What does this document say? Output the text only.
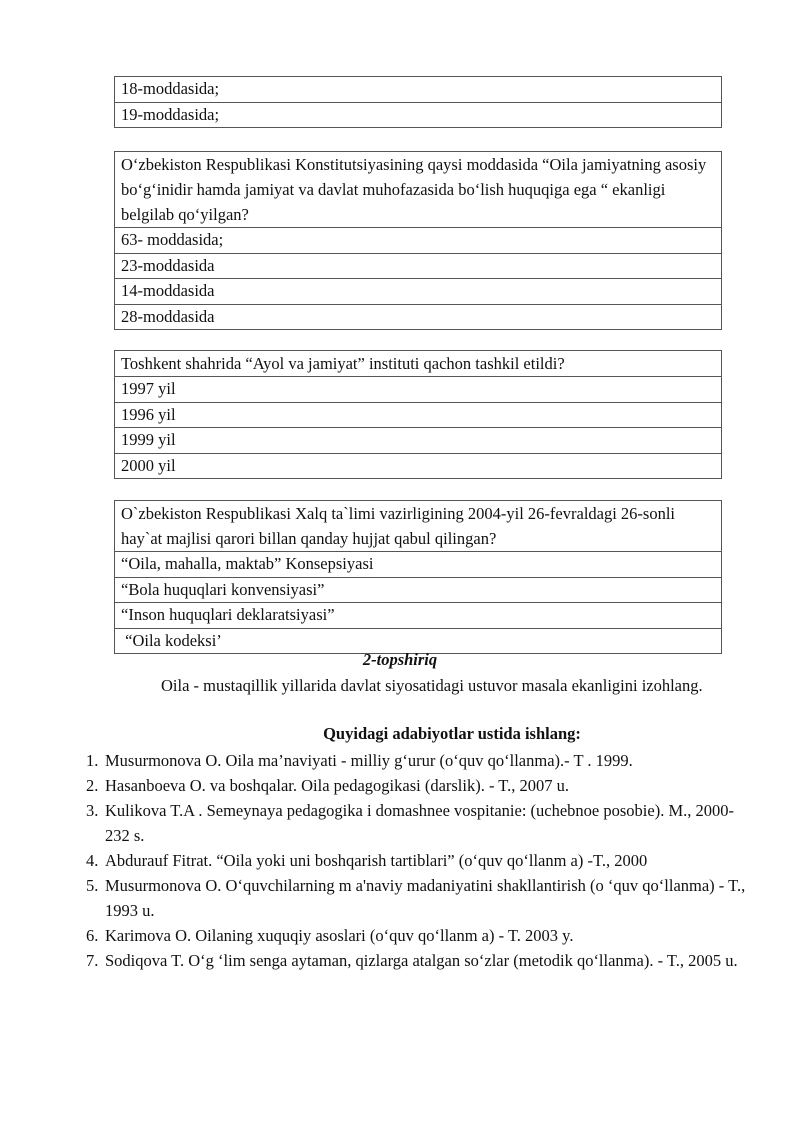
18-moddasida;
19-moddasida;
O‘zbekiston Respublikasi Konstitutsiyasining qaysi moddasida “Oila jamiyatning asosiy bo‘g‘inidir hamda jamiyat va davlat muhofazasida bo‘lish huquqiga ega “ ekanligi belgilab qo‘yilgan?
63- moddasida;
23-moddasida
14-moddasida
28-moddasida
Toshkent shahrida “Ayol va jamiyat” instituti qachon tashkil etildi?
1997 yil
1996 yil
1999 yil
2000 yil
O`zbekiston Respublikasi Xalq ta`limi vazirligining 2004-yil 26-fevraldagi 26-sonli hay`at majlisi qarori billan qanday hujjat qabul qilingan?
“Oila, mahalla, maktab” Konsepsiyasi
“Bola huquqlari konvensiyasi”
“Inson huquqlari deklaratsiyasi”
“Oila kodeksi’
2-topshiriq
Oila - mustaqillik yillarida davlat siyosatidagi ustuvor masala ekanligini izohlang.
Quyidagi adabiyotlar ustida ishlang:
1. Musurmonova O. Oila ma’naviyati - milliy g‘urur (o‘quv qo‘llanma).- T . 1999.
2. Hasanboeva O. va boshqalar. Oila pedagogikasi (darslik). - T., 2007 u.
3. Kulikova T.A . Semeynaya pedagogika i domashnee vospitanie: (uchebnoe posobie). M., 2000-232 s.
4. Abdurauf Fitrat. “Oila yoki uni boshqarish tartiblari” (o‘quv qo‘llanm a) -T., 2000
5. Musurmonova O. O‘quvchilarning m a'naviy madaniyatini shakllantirish (o ‘quv qo‘llanma) - T., 1993 u.
6. Karimova O. Oilaning xuquqiy asoslari (o‘quv qo‘llanm a) - T. 2003 y.
7. Sodiqova T. O‘g ‘lim senga aytaman, qizlarga atalgan so‘zlar (metodik qo‘llanma). - T., 2005 u.
